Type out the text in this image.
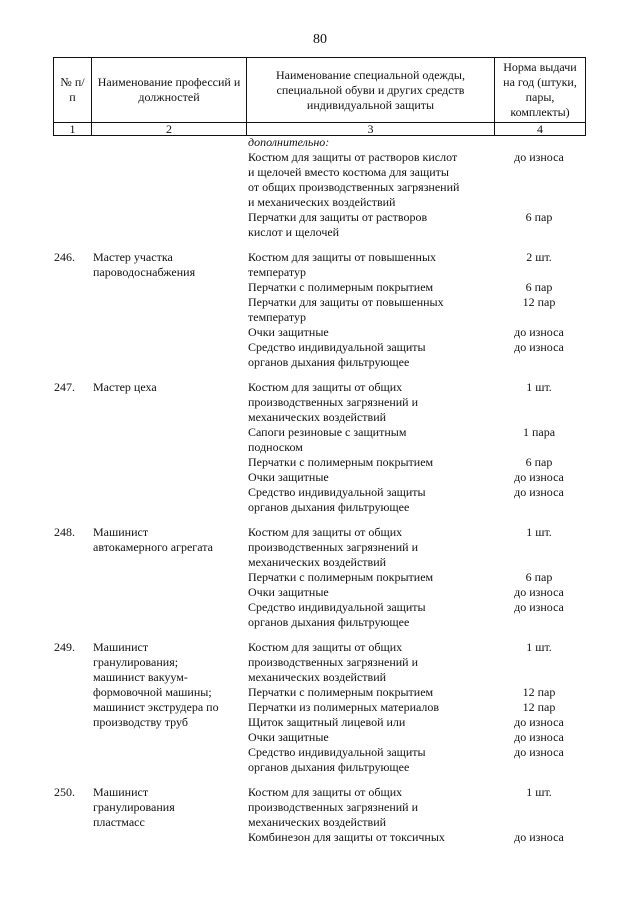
80
№ п/п	Наименование профессий и должностей	Наименование специальной одежды, специальной обуви и других средств индивидуальной защиты	Норма выдачи на год (штуки, пары, комплекты)
1	2	3	4
дополнительно:
Костюм для защиты от растворов кислот	до износа
и щелочей вместо костюма для защиты
от общих производственных загрязнений
и механических воздействий
Перчатки для защиты от растворов	6 пар
кислот и щелочей
246.	Мастер участка	Костюм для защиты от повышенных	2 шт.
пароводоснабжения	температур
Перчатки с полимерным покрытием	6 пар
Перчатки для защиты от повышенных	12 пар
температур
Очки защитные	до износа
Средство индивидуальной защиты	до износа
органов дыхания фильтрующее
247.	Мастер цеха	Костюм для защиты от общих	1 шт.
производственных загрязнений и
механических воздействий
Сапоги резиновые с защитным	1 пара
подноском
Перчатки с полимерным покрытием	6 пар
Очки защитные	до износа
Средство индивидуальной защиты	до износа
органов дыхания фильтрующее
248.	Машинист	Костюм для защиты от общих	1 шт.
автокамерного агрегата	производственных загрязнений и
механических воздействий
Перчатки с полимерным покрытием	6 пар
Очки защитные	до износа
Средство индивидуальной защиты	до износа
органов дыхания фильтрующее
249.	Машинист	Костюм для защиты от общих	1 шт.
гранулирования;	производственных загрязнений и
машинист вакуум-	механических воздействий
формовочной машины;	Перчатки с полимерным покрытием	12 пар
машинист экструдера по	Перчатки из полимерных материалов	12 пар
производству труб	Щиток защитный лицевой или	до износа
Очки защитные	до износа
Средство индивидуальной защиты	до износа
органов дыхания фильтрующее
250.	Машинист	Костюм для защиты от общих	1 шт.
гранулирования	производственных загрязнений и
пластмасс	механических воздействий
Комбинезон для защиты от токсичных	до износа
